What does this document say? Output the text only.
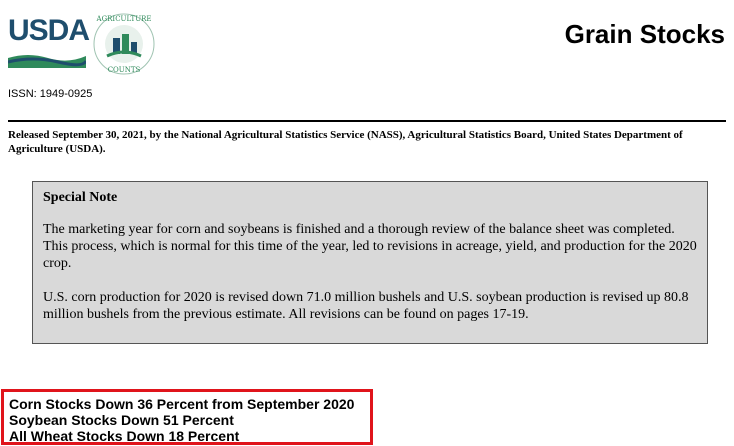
USDA AGRICULTURE
COUNTS
Grain Stocks
ISSN: 1949-0925
Released September 30, 2021, by the National Agricultural Statistics Service (NASS), Agricultural Statistics Board, United States Department of Agriculture (USDA).
Special Note

The marketing year for corn and soybeans is finished and a thorough review of the balance sheet was completed. This process, which is normal for this time of the year, led to revisions in acreage, yield, and production for the 2020 crop.

U.S. corn production for 2020 is revised down 71.0 million bushels and U.S. soybean production is revised up 80.8 million bushels from the previous estimate. All revisions can be found on pages 17-19.

Corn Stocks Down 36 Percent from September 2020
Soybean Stocks Down 51 Percent
All Wheat Stocks Down 18 Percent
